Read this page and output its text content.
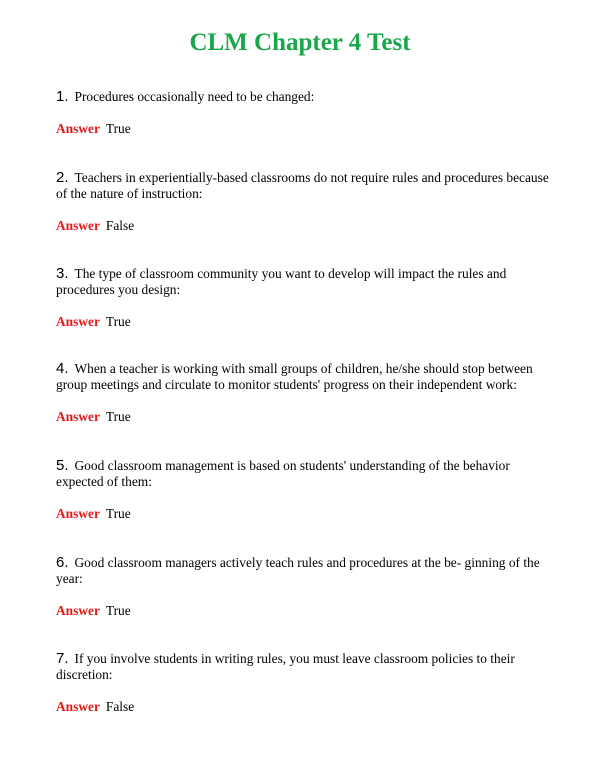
CLM Chapter 4 Test

1. Procedures occasionally need to be changed:

Answer True

2. Teachers in experientially-based classrooms do not require rules and procedures because of the nature of instruction:

Answer False

3. The type of classroom community you want to develop will impact the rules and procedures you design:

Answer True

4. When a teacher is working with small groups of children, he/she should stop between group meetings and circulate to monitor students' progress on their independent work:

Answer True

5. Good classroom management is based on students' understanding of the behavior expected of them:

Answer True

6. Good classroom managers actively teach rules and procedures at the be- ginning of the year:

Answer True

7. If you involve students in writing rules, you must leave classroom policies to their discretion:

Answer False
